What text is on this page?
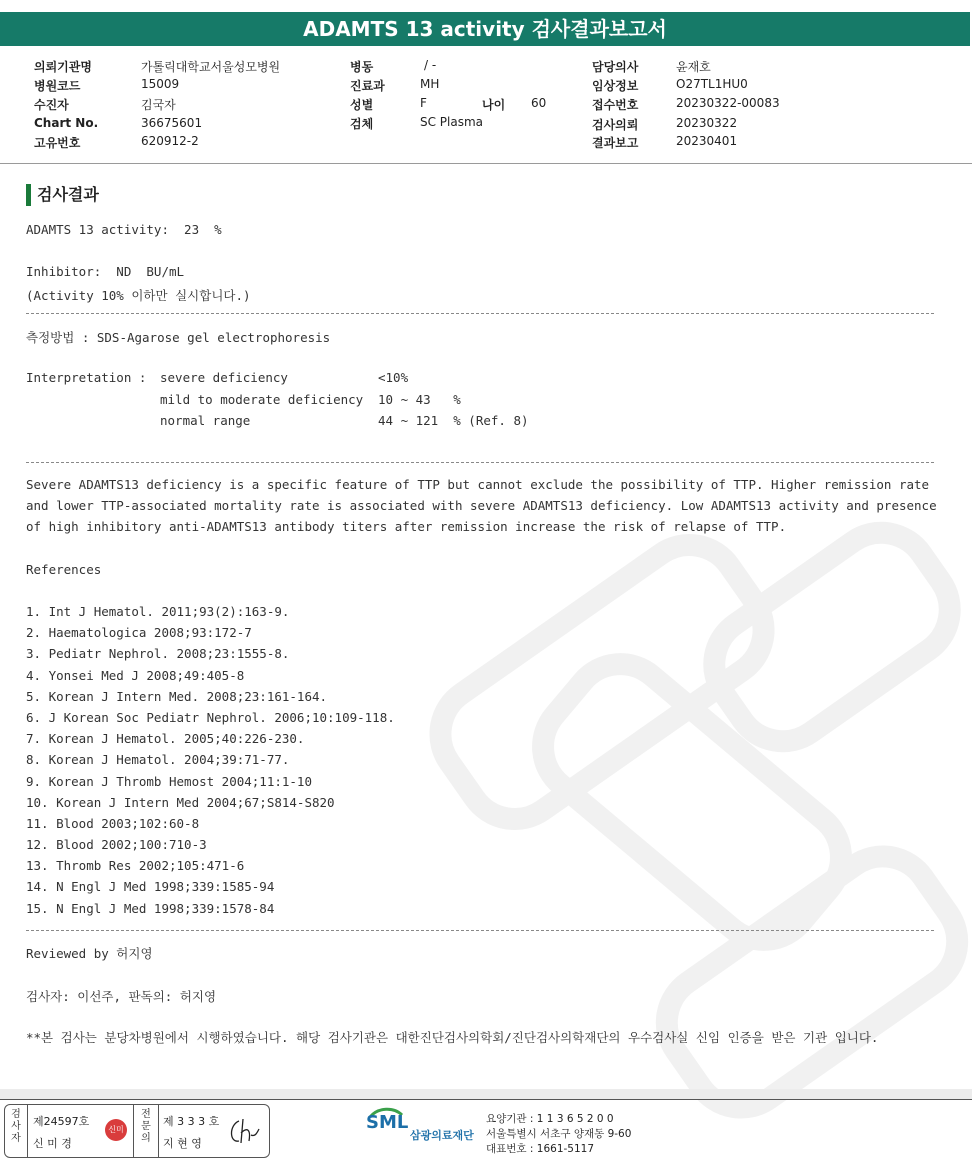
ADAMTS 13 activity 검사결과보고서
의뢰기관명	가톨릭대학교서울성모병원
병원코드	15009
수진자	김국자
Chart No.	36675601
고유번호	620912-2
병동	/ -
진료과	MH
성별	F	나이 60
검체	SC Plasma
담당의사	윤재호
임상정보	O27TL1HU0
접수번호	20230322-00083
검사의뢰	20230322
결과보고	20230401
검사결과
ADAMTS 13 activity:  23  %
Inhibitor:  ND  BU/mL
(Activity 10% 이하만 실시합니다.)
측정방법 : SDS-Agarose gel electrophoresis
Interpretation : severe deficiency	<10%
mild to moderate deficiency 10 ~ 43   %
normal range	44 ~ 121  % (Ref. 8)
Severe ADAMTS13 deficiency is a specific feature of TTP but cannot exclude the possibility of TTP. Higher remission rate and lower TTP-associated mortality rate is associated with severe ADAMTS13 deficiency. Low ADAMTS13 activity and presence of high inhibitory anti-ADAMTS13 antibody titers after remission increase the risk of relapse of TTP.
References
1. Int J Hematol. 2011;93(2):163-9.
2. Haematologica 2008;93:172-7
3. Pediatr Nephrol. 2008;23:1555-8.
4. Yonsei Med J 2008;49:405-8
5. Korean J Intern Med. 2008;23:161-164.
6. J Korean Soc Pediatr Nephrol. 2006;10:109-118.
7. Korean J Hematol. 2005;40:226-230.
8. Korean J Hematol. 2004;39:71-77.
9. Korean J Thromb Hemost 2004;11:1-10
10. Korean J Intern Med 2004;67;S814-S820
11. Blood 2003;102:60-8
12. Blood 2002;100:710-3
13. Thromb Res 2002;105:471-6
14. N Engl J Med 1998;339:1585-94
15. N Engl J Med 1998;339:1578-84
Reviewed by 허지영
검사자: 이선주, 판독의: 허지영
**본 검사는 분당차병원에서 시행하였습니다. 해당 검사기관은 대한진단검사의학회/진단검사의학재단의 우수검사실 신임 인증을 받은 기관 입니다.
검사자
제24597호
신 미 경
신미경
전문의
제 3 3 3 호
지 현 영
SML
삼광의료재단
요양기관 : 1 1 3 6 5 2 0 0
서울특별시 서초구 양재동 9-60
대표번호 : 1661-5117
